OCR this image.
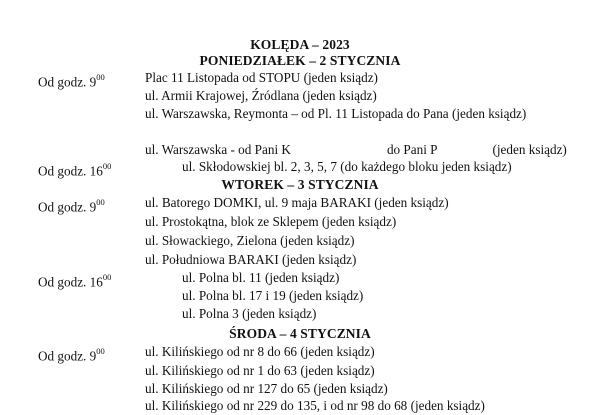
KOLĘDA – 2023
PONIEDZIAŁEK – 2 STYCZNIA
Od godz. $9^{00}$	Plac 11 Listopada od STOPU (jeden ksiądz)
ul. Armii Krajowej, Źródlana (jeden ksiądz)
ul. Warszawska, Reymonta – od Pl. 11 Listopada do Pana (jeden ksiądz)
ul. Warszawska - od Pani K	do Pani P	(jeden ksiądz)
Od godz. $16^{00}$	ul. Skłodowskiej bl. 2, 3, 5, 7 (do każdego bloku jeden ksiądz)
WTOREK – 3 STYCZNIA
Od godz. $9^{00}$	ul. Batorego DOMKI, ul. 9 maja BARAKI (jeden ksiądz)
ul. Prostokątna, blok ze Sklepem (jeden ksiądz)
ul. Słowackiego, Zielona (jeden ksiądz)
ul. Południowa BARAKI (jeden ksiądz)
Od godz. $16^{00}$	ul. Polna bl. 11 (jeden ksiądz)
ul. Polna bl. 17 i 19 (jeden ksiądz)
ul. Polna 3 (jeden ksiądz)
ŚRODA – 4 STYCZNIA
Od godz. $9^{00}$	ul. Kilińskiego od nr 8 do 66 (jeden ksiądz)
ul. Kilińskiego od nr 1 do 63 (jeden ksiądz)
ul. Kilińskiego od nr 127 do 65 (jeden ksiądz)
ul. Kilińskiego od nr 229 do 135, i od nr 98 do 68 (jeden ksiądz)
